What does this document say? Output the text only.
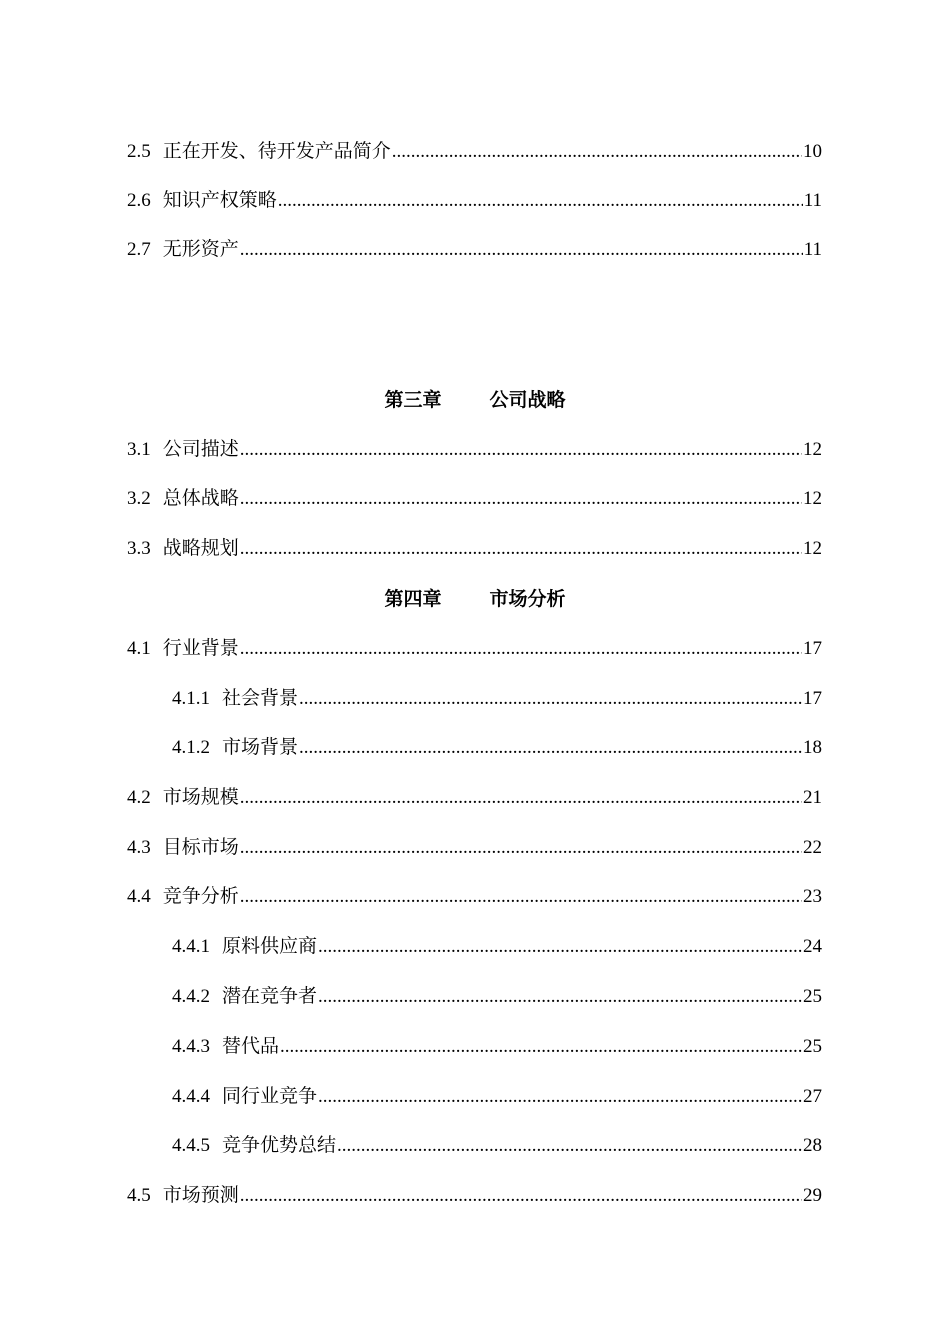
2.5 正在开发、待开发产品简介 .....	10
2.6 知识产权策略 .....	11
2.7 无形资产 .....	11
第三章	公司战略
3.1 公司描述 .....	12
3.2 总体战略 .....	12
3.3 战略规划 .....	12
第四章	市场分析
4.1 行业背景 .....	17
4.1.1 社会背景 .....	17
4.1.2 市场背景 .....	18
4.2 市场规模 .....	21
4.3 目标市场 .....	22
4.4 竞争分析 .....	23
4.4.1 原料供应商 .....	24
4.4.2 潜在竞争者 .....	25
4.4.3 替代品 .....	25
4.4.4 同行业竞争 .....	27
4.4.5 竞争优势总结 .....	28
4.5 市场预测 .....	29
